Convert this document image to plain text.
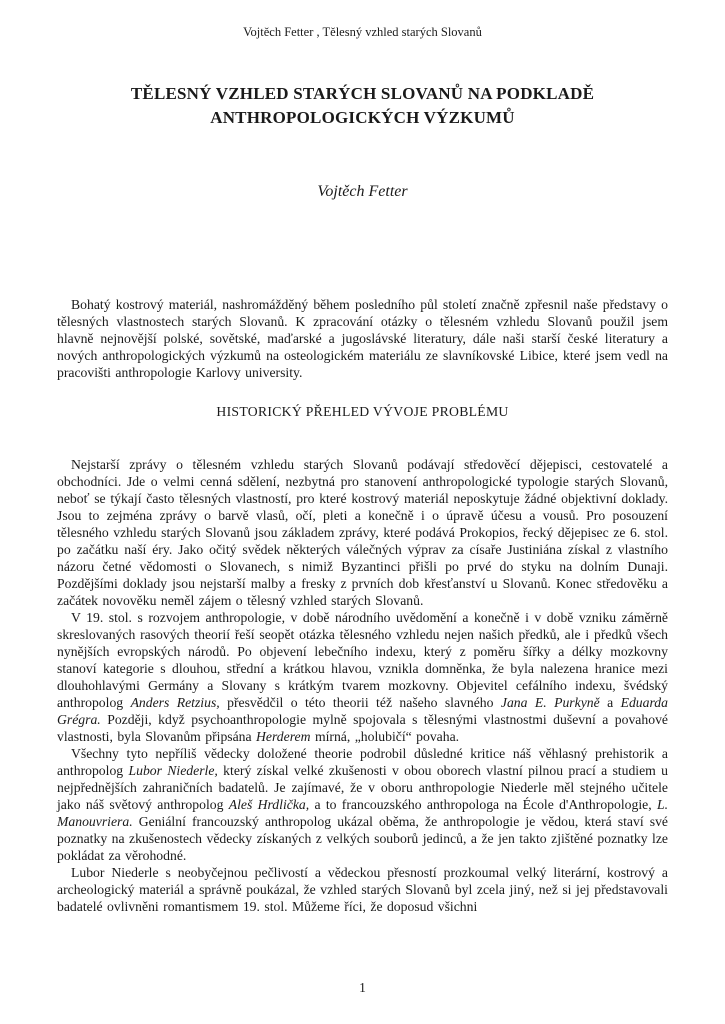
Vojtěch Fetter , Tělesný vzhled starých Slovanů
TĚLESNÝ VZHLED STARÝCH SLOVANŮ NA PODKLADĚ ANTHROPOLOGICKÝCH VÝZKUMŮ
Vojtěch Fetter

Bohatý kostrový materiál, nashromážděný během posledního půl století značně zpřesnil naše představy o tělesných vlastnostech starých Slovanů. K zpracování otázky o tělesném vzhledu Slovanů použil jsem hlavně nejnovější polské, sovětské, maďarské a jugoslávské literatury, dále naši starší české literatury a nových anthropologických výzkumů na osteologickém materiálu ze slavníkovské Libice, které jsem vedl na pracovišti anthropologie Karlovy university.

HISTORICKÝ PŘEHLED VÝVOJE PROBLÉMU

Nejstarší zprávy o tělesném vzhledu starých Slovanů podávají středověcí dějepisci, cestovatelé a obchodníci. Jde o velmi cenná sdělení, nezbytná pro stanovení anthropologické typologie starých Slovanů, neboť se týkají často tělesných vlastností, pro které kostrový materiál neposkytuje žádné objektivní doklady. Jsou to zejména zprávy o barvě vlasů, očí, pleti a konečně i o úpravě účesu a vousů. Pro posouzení tělesného vzhledu starých Slovanů jsou základem zprávy, které podává Prokopios, řecký dějepisec ze 6. stol. po začátku naší éry. Jako očitý svědek některých válečných výprav za císaře Justiniána získal z vlastního názoru četné vědomosti o Slovanech, s nimiž Byzantinci přišli po prvé do styku na dolním Dunaji. Pozdějšími doklady jsou nejstarší malby a fresky z prvních dob křesťanství u Slovanů. Konec středověku a začátek novověku neměl zájem o tělesný vzhled starých Slovanů.

V 19. stol. s rozvojem anthropologie, v době národního uvědomění a konečně i v době vzniku záměrně skreslovaných rasových theorií řeší seopět otázka tělesného vzhledu nejen našich předků, ale i předků všech nynějších evropských národů. Po objevení lebečního indexu, který z poměru šířky a délky mozkovny stanoví kategorie s dlouhou, střední a krátkou hlavou, vznikla domněnka, že byla nalezena hranice mezi dlouhohlavými Germány a Slovany s krátkým tvarem mozkovny. Objevitel cefálního indexu, švédský anthropolog Anders Retzius, přesvědčil o této theorii též našeho slavného Jana E. Purkyně a Eduarda Grégra. Později, když psychoanthropologie mylně spojovala s tělesnými vlastnostmi duševní a povahové vlastnosti, byla Slovanům připsána Herderem mírná, „holubičí“ povaha.

Všechny tyto nepříliš vědecky doložené theorie podrobil důsledné kritice náš věhlasný prehistorik a anthropolog Lubor Niederle, který získal velké zkušenosti v obou oborech vlastní pilnou prací a studiem u nejpřednějších zahraničních badatelů. Je zajímavé, že v oboru anthropologie Niederle měl stejného učitele jako náš světový anthropolog Aleš Hrdlička, a to francouzského anthropologa na École d'Anthropologie, L. Manouvriera. Geniální francouzský anthropolog ukázal oběma, že anthropologie je vědou, která staví své poznatky na zkušenostech vědecky získaných z velkých souborů jedinců, a že jen takto zjištěné poznatky lze pokládat za věrohodné.

Lubor Niederle s neobyčejnou pečlivostí a vědeckou přesností prozkoumal velký literární, kostrový a archeologický materiál a správně poukázal, že vzhled starých Slovanů byl zcela jiný, než si jej představovali badatelé ovlivněni romantismem 19. stol. Můžeme říci, že doposud všichni

1
